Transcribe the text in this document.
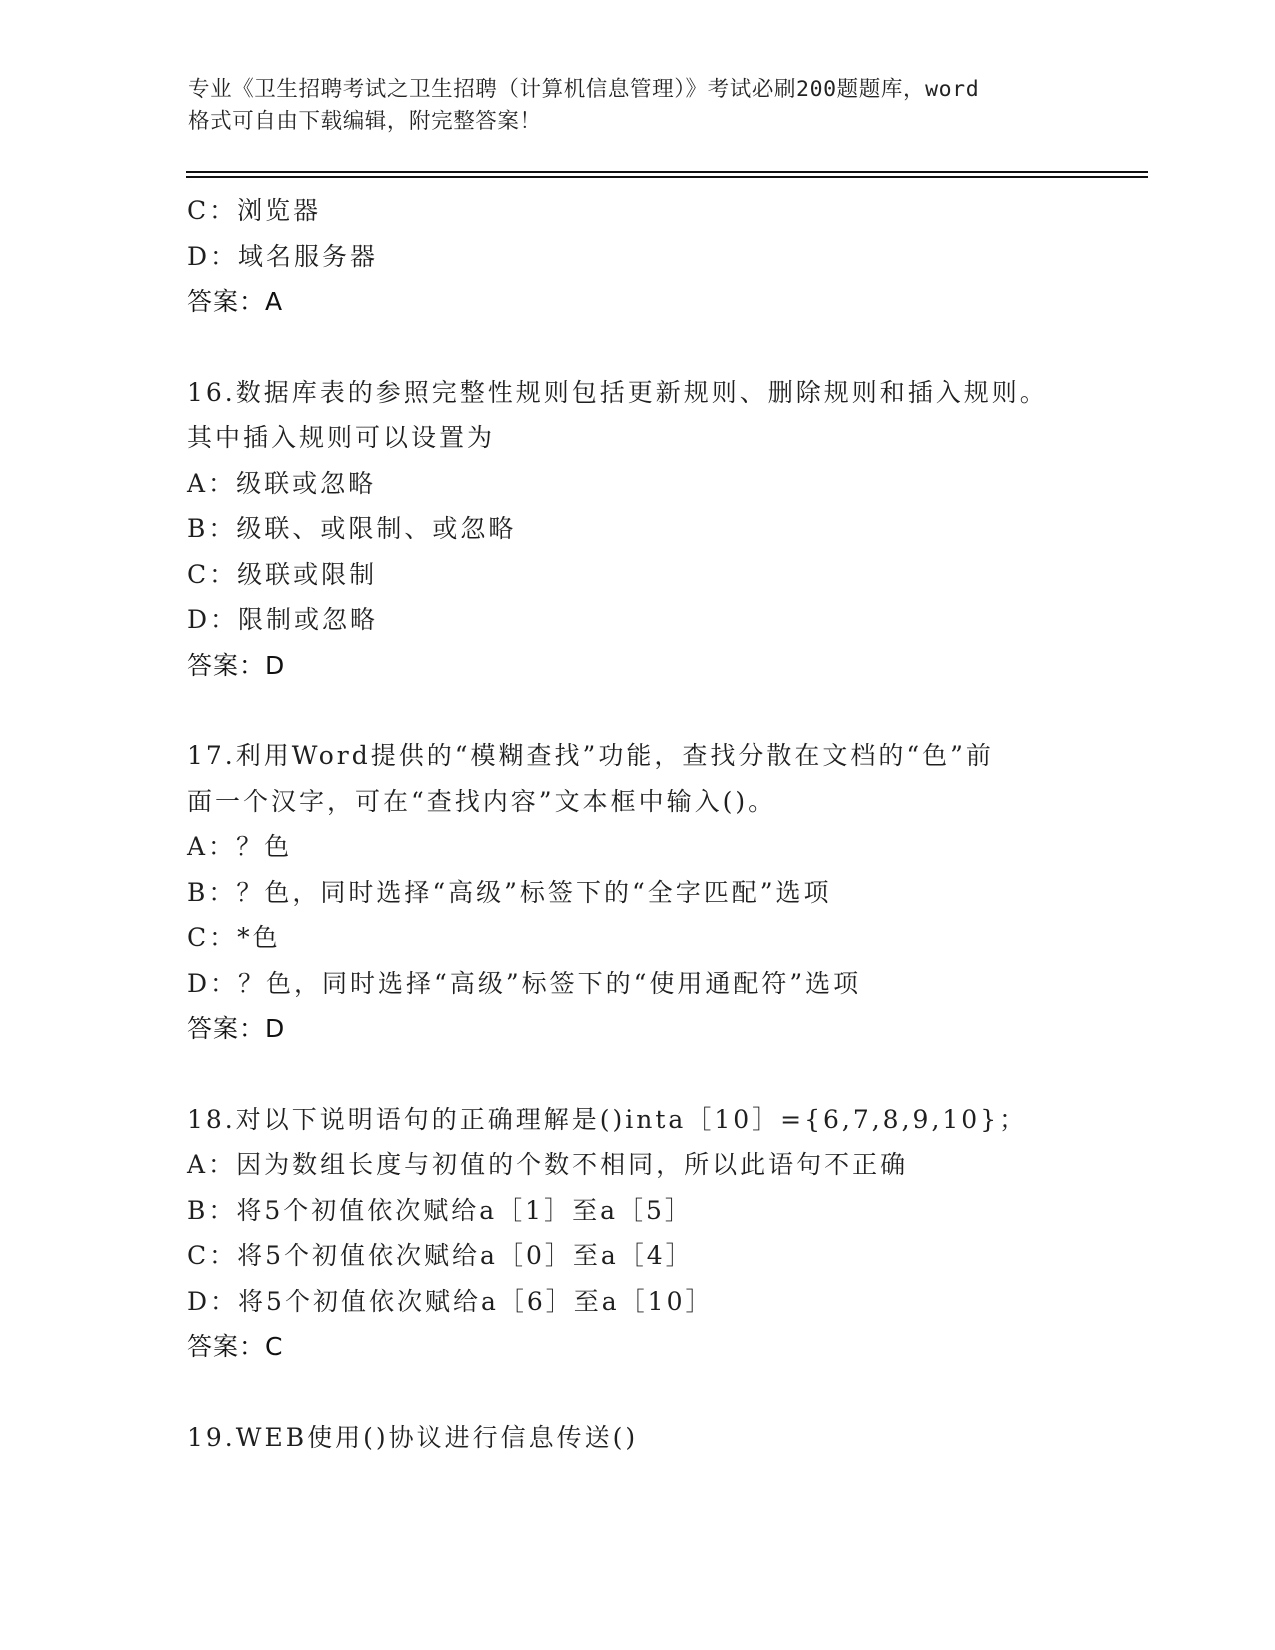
专业《卫生招聘考试之卫生招聘（计算机信息管理）》考试必刷200题题库，word
格式可自由下载编辑，附完整答案！
C：浏览器
D：域名服务器
答案：A
16.数据库表的参照完整性规则包括更新规则、删除规则和插入规则。
其中插入规则可以设置为
A：级联或忽略
B：级联、或限制、或忽略
C：级联或限制
D：限制或忽略
答案：D
17.利用Word提供的“模糊查找”功能，查找分散在文档的“色”前
面一个汉字，可在“查找内容”文本框中输入()。
A：？色
B：？色，同时选择“高级”标签下的“全字匹配”选项
C：*色
D：？色，同时选择“高级”标签下的“使用通配符”选项
答案：D
18.对以下说明语句的正确理解是()inta［10］={6,7,8,9,10}；
A：因为数组长度与初值的个数不相同，所以此语句不正确
B：将5个初值依次赋给a［1］至a［5］
C：将5个初值依次赋给a［0］至a［4］
D：将5个初值依次赋给a［6］至a［10］
答案：C
19.WEB使用()协议进行信息传送()
